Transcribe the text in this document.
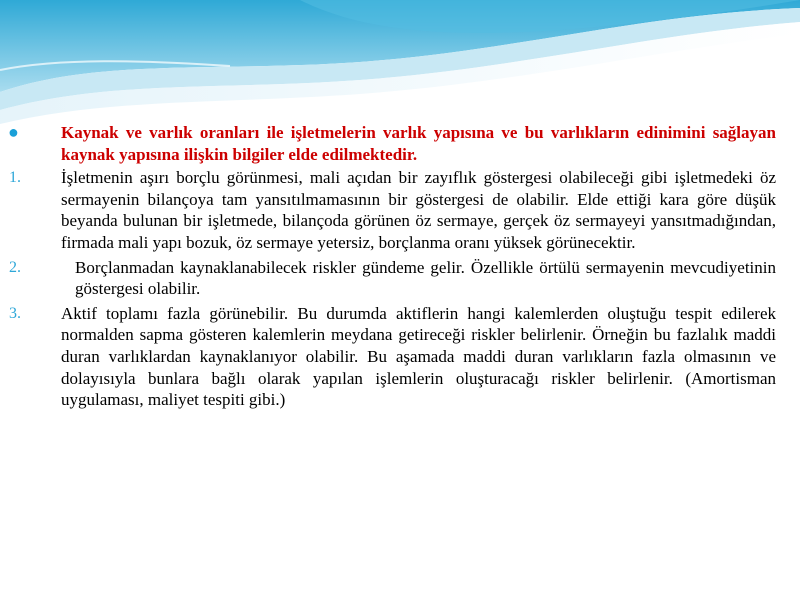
● Kaynak ve varlık oranları ile işletmelerin varlık yapısına ve bu varlıkların edinimini sağlayan kaynak yapısına ilişkin bilgiler elde edilmektedir.
1. İşletmenin aşırı borçlu görünmesi, mali açıdan bir zayıflık göstergesi olabileceği gibi işletmedeki öz sermayenin bilançoya tam yansıtılmamasının bir göstergesi de olabilir. Elde ettiği kara göre düşük beyanda bulunan bir işletmede, bilançoda görünen öz sermaye, gerçek öz sermayeyi yansıtmadığından, firmada mali yapı bozuk, öz sermaye yetersiz, borçlanma oranı yüksek görünecektir.
2.	Borçlanmadan kaynaklanabilecek riskler gündeme gelir. Özellikle örtülü sermayenin mevcudiyetinin göstergesi olabilir.
3. Aktif toplamı fazla görünebilir. Bu durumda aktiflerin hangi kalemlerden oluştuğu tespit edilerek normalden sapma gösteren kalemlerin meydana getireceği riskler belirlenir. Örneğin bu fazlalık maddi duran varlıklardan kaynaklanıyor olabilir. Bu aşamada maddi duran varlıkların fazla olmasının ve dolayısıyla bunlara bağlı olarak yapılan işlemlerin oluşturacağı riskler belirlenir. (Amortisman uygulaması, maliyet tespiti gibi.)
